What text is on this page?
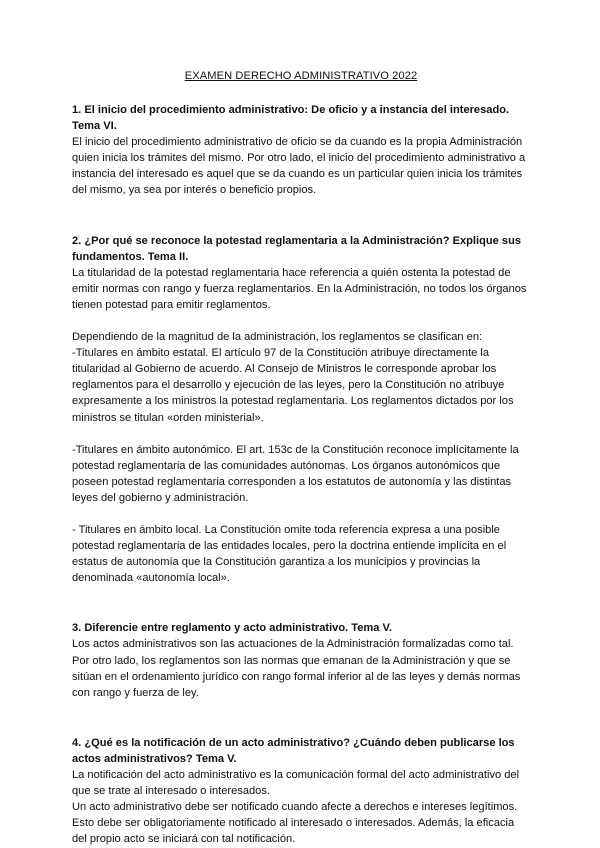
EXAMEN DERECHO ADMINISTRATIVO 2022

1. El inicio del procedimiento administrativo: De oficio y a instancia del interesado. Tema VI.

El inicio del procedimiento administrativo de oficio se da cuando es la propia Administración quien inicia los trámites del mismo. Por otro lado, el inicio del procedimiento administrativo a instancia del interesado es aquel que se da cuando es un particular quien inicia los trámites del mismo, ya sea por interés o beneficio propios.

2. ¿Por qué se reconoce la potestad reglamentaria a la Administración? Explique sus fundamentos. Tema II.

La titularidad de la potestad reglamentaria hace referencia a quién ostenta la potestad de emitir normas con rango y fuerza reglamentarios. En la Administración, no todos los órganos tienen potestad para emitir reglamentos.

Dependiendo de la magnitud de la administración, los reglamentos se clasifican en:

-Titulares en ámbito estatal. El artículo 97 de la Constitución atribuye directamente la titularidad al Gobierno de acuerdo. Al Consejo de Ministros le corresponde aprobar los reglamentos para el desarrollo y ejecución de las leyes, pero la Constitución no atribuye expresamente a los ministros la potestad reglamentaria. Los reglamentos dictados por los ministros se titulan «orden ministerial».

-Titulares en ámbito autonómico. El art. 153c de la Constitución reconoce implícitamente la potestad reglamentaria de las comunidades autónomas. Los órganos autonómicos que poseen potestad reglamentaria corresponden a los estatutos de autonomía y las distintas leyes del gobierno y administración.

- Titulares en ámbito local. La Constitución omite toda referencia expresa a una posible potestad reglamentaria de las entidades locales, pero la doctrina entiende implícita en el estatus de autonomía que la Constitución garantiza a los municipios y provincias la denominada «autonomía local».

3. Diferencie entre reglamento y acto administrativo. Tema V.

Los actos administrativos son las actuaciones de la Administración formalizadas como tal. Por otro lado, los reglamentos son las normas que emanan de la Administración y que se sitúan en el ordenamiento jurídico con rango formal inferior al de las leyes y demás normas con rango y fuerza de ley.

4. ¿Qué es la notificación de un acto administrativo? ¿Cuándo deben publicarse los actos administrativos? Tema V.

La notificación del acto administrativo es la comunicación formal del acto administrativo del que se trate al interesado o interesados.

Un acto administrativo debe ser notificado cuando afecte a derechos e intereses legítimos. Esto debe ser obligatoriamente notificado al interesado o interesados. Además, la eficacia del propio acto se iniciará con tal notificación.
